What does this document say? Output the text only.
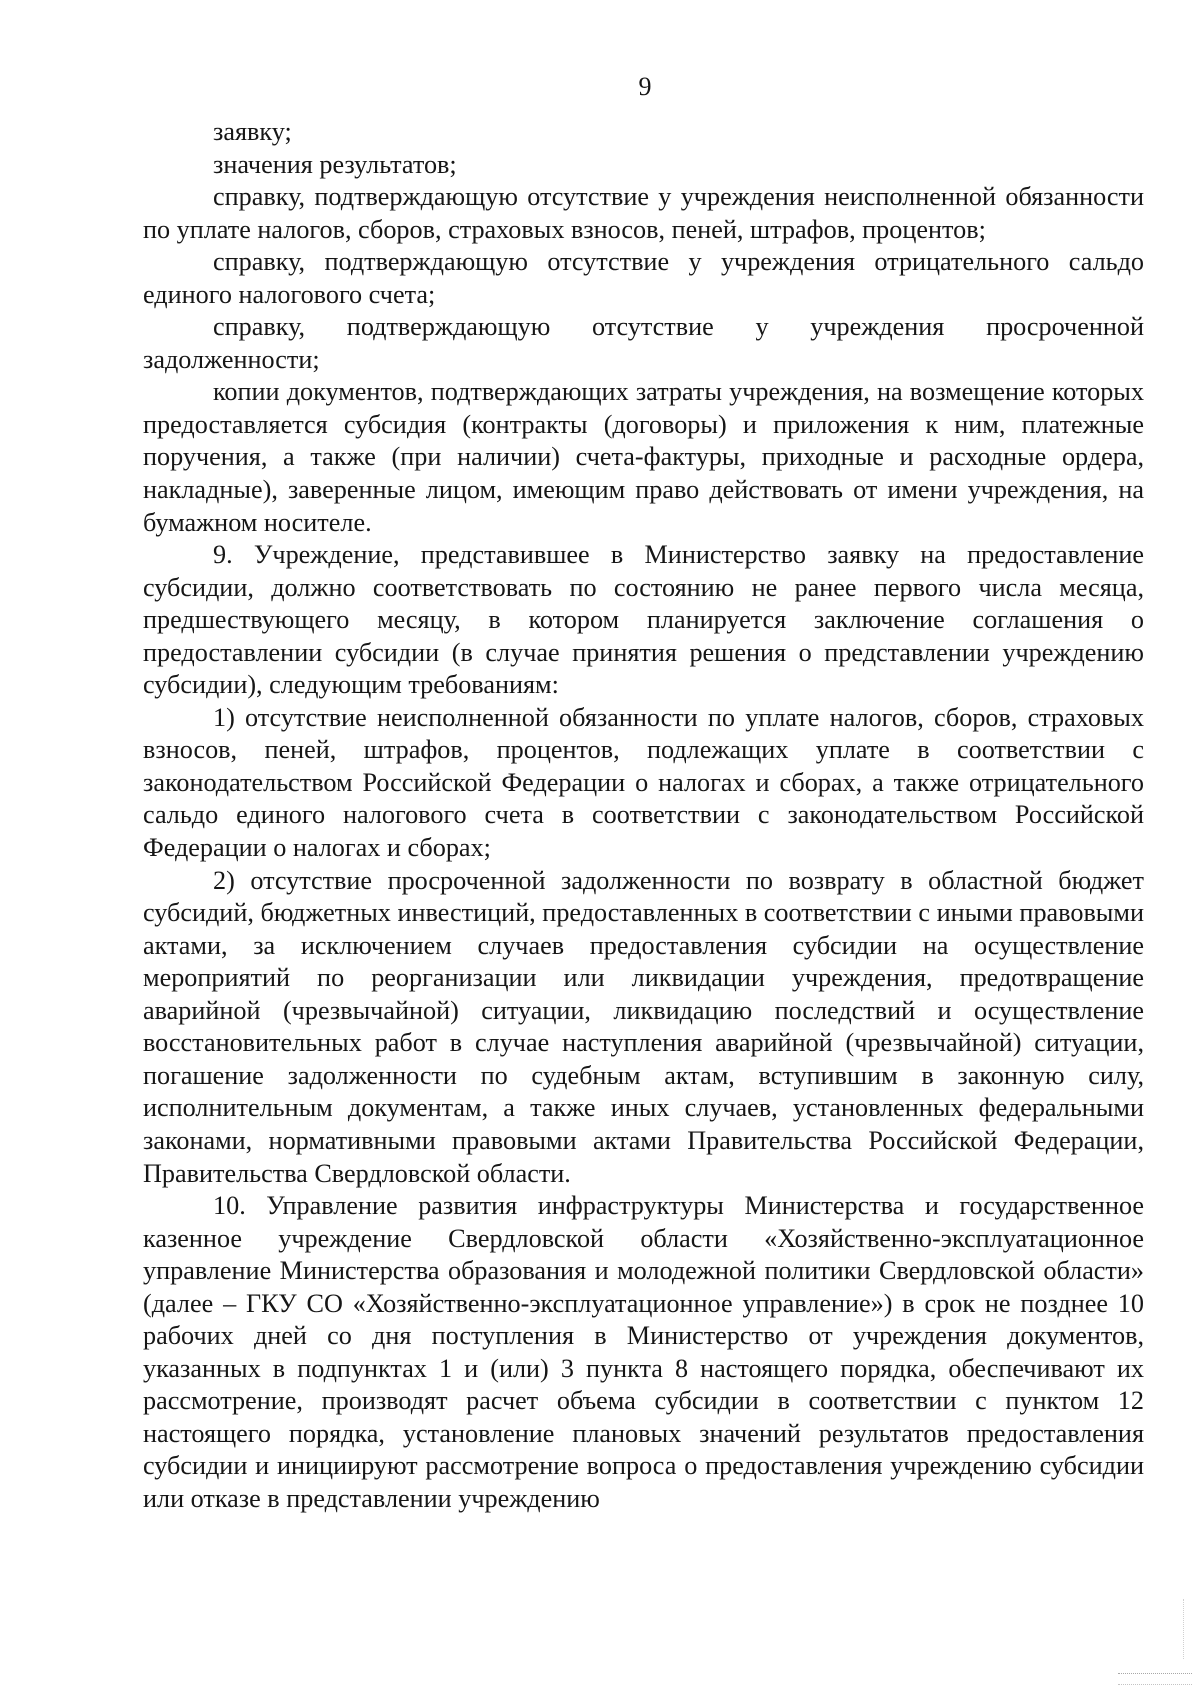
9

заявку;

значения результатов;

справку, подтверждающую отсутствие у учреждения неисполненной обязанности по уплате налогов, сборов, страховых взносов, пеней, штрафов, процентов;

справку, подтверждающую отсутствие у учреждения отрицательного сальдо единого налогового счета;

справку, подтверждающую отсутствие у учреждения просроченной задолженности;

копии документов, подтверждающих затраты учреждения, на возмещение которых предоставляется субсидия (контракты (договоры) и приложения к ним, платежные поручения, а также (при наличии) счета-фактуры, приходные и расходные ордера, накладные), заверенные лицом, имеющим право действовать от имени учреждения, на бумажном носителе.

9. Учреждение, представившее в Министерство заявку на предоставление субсидии, должно соответствовать по состоянию не ранее первого числа месяца, предшествующего месяцу, в котором планируется заключение соглашения о предоставлении субсидии (в случае принятия решения о представлении учреждению субсидии), следующим требованиям:

1) отсутствие неисполненной обязанности по уплате налогов, сборов, страховых взносов, пеней, штрафов, процентов, подлежащих уплате в соответствии с законодательством Российской Федерации о налогах и сборах, а также отрицательного сальдо единого налогового счета в соответствии с законодательством Российской Федерации о налогах и сборах;

2) отсутствие просроченной задолженности по возврату в областной бюджет субсидий, бюджетных инвестиций, предоставленных в соответствии с иными правовыми актами, за исключением случаев предоставления субсидии на осуществление мероприятий по реорганизации или ликвидации учреждения, предотвращение аварийной (чрезвычайной) ситуации, ликвидацию последствий и осуществление восстановительных работ в случае наступления аварийной (чрезвычайной) ситуации, погашение задолженности по судебным актам, вступившим в законную силу, исполнительным документам, а также иных случаев, установленных федеральными законами, нормативными правовыми актами Правительства Российской Федерации, Правительства Свердловской области.

10. Управление развития инфраструктуры Министерства и государственное казенное учреждение Свердловской области «Хозяйственно-эксплуатационное управление Министерства образования и молодежной политики Свердловской области» (далее – ГКУ СО «Хозяйственно-эксплуатационное управление») в срок не позднее 10 рабочих дней со дня поступления в Министерство от учреждения документов, указанных в подпунктах 1 и (или) 3 пункта 8 настоящего порядка, обеспечивают их рассмотрение, производят расчет объема субсидии в соответствии с пунктом 12 настоящего порядка, установление плановых значений результатов предоставления субсидии и инициируют рассмотрение вопроса о предоставления учреждению субсидии или отказе в представлении учреждению
